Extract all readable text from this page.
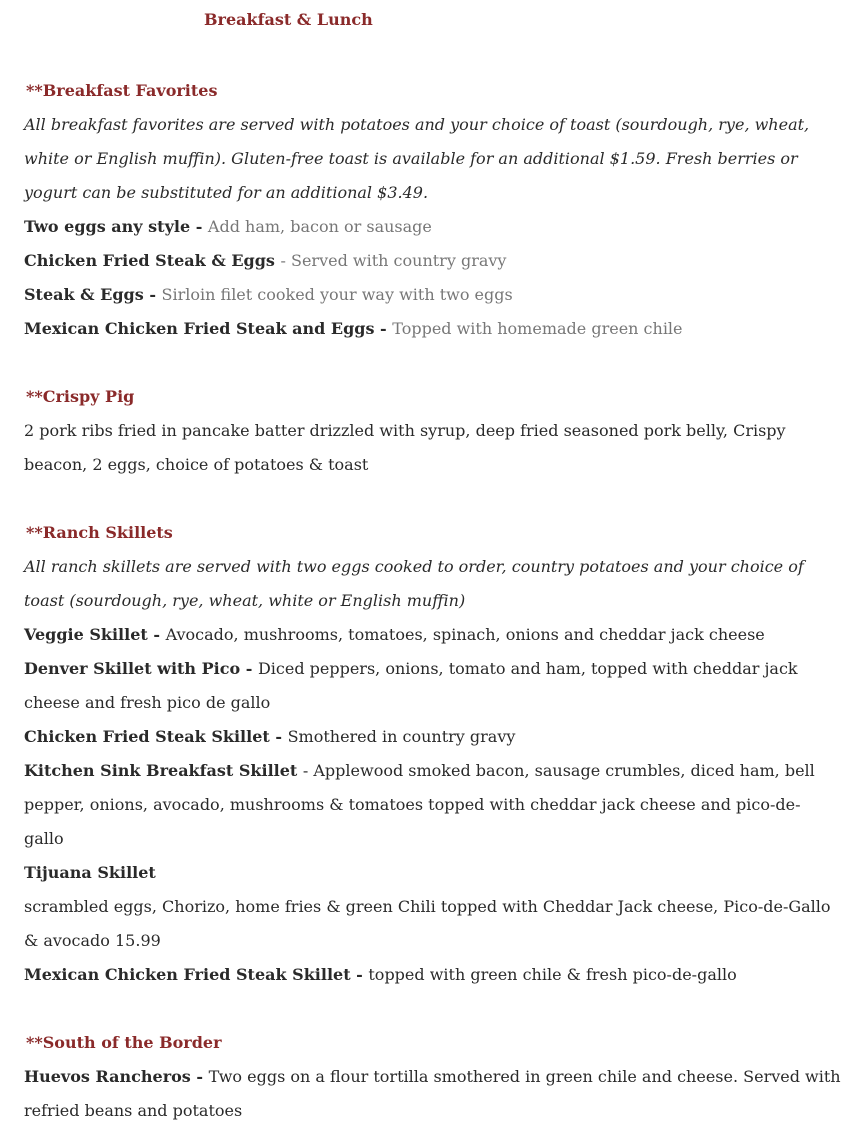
Breakfast & Lunch
**Breakfast Favorites
All breakfast favorites are served with potatoes and your choice of toast (sourdough, rye, wheat,
white or English muffin). Gluten-free toast is available for an additional $1.59. Fresh berries or
yogurt can be substituted for an additional $3.49.
Two eggs any style - Add ham, bacon or sausage
Chicken Fried Steak & Eggs - Served with country gravy
Steak & Eggs - Sirloin filet cooked your way with two eggs
Mexican Chicken Fried Steak and Eggs - Topped with homemade green chile
**Crispy Pig
2 pork ribs fried in pancake batter drizzled with syrup, deep fried seasoned pork belly, Crispy
beacon, 2 eggs, choice of potatoes & toast
**Ranch Skillets
All ranch skillets are served with two eggs cooked to order, country potatoes and your choice of
toast (sourdough, rye, wheat, white or English muffin)
Veggie Skillet - Avocado, mushrooms, tomatoes, spinach, onions and cheddar jack cheese
Denver Skillet with Pico - Diced peppers, onions, tomato and ham, topped with cheddar jack
cheese and fresh pico de gallo
Chicken Fried Steak Skillet - Smothered in country gravy
Kitchen Sink Breakfast Skillet - Applewood smoked bacon, sausage crumbles, diced ham, bell
pepper, onions, avocado, mushrooms & tomatoes topped with cheddar jack cheese and pico-de-
gallo
Tijuana Skillet
scrambled eggs, Chorizo, home fries & green Chili topped with Cheddar Jack cheese, Pico-de-Gallo
& avocado 15.99
Mexican Chicken Fried Steak Skillet - topped with green chile & fresh pico-de-gallo
**South of the Border
Huevos Rancheros - Two eggs on a flour tortilla smothered in green chile and cheese. Served with
refried beans and potatoes
